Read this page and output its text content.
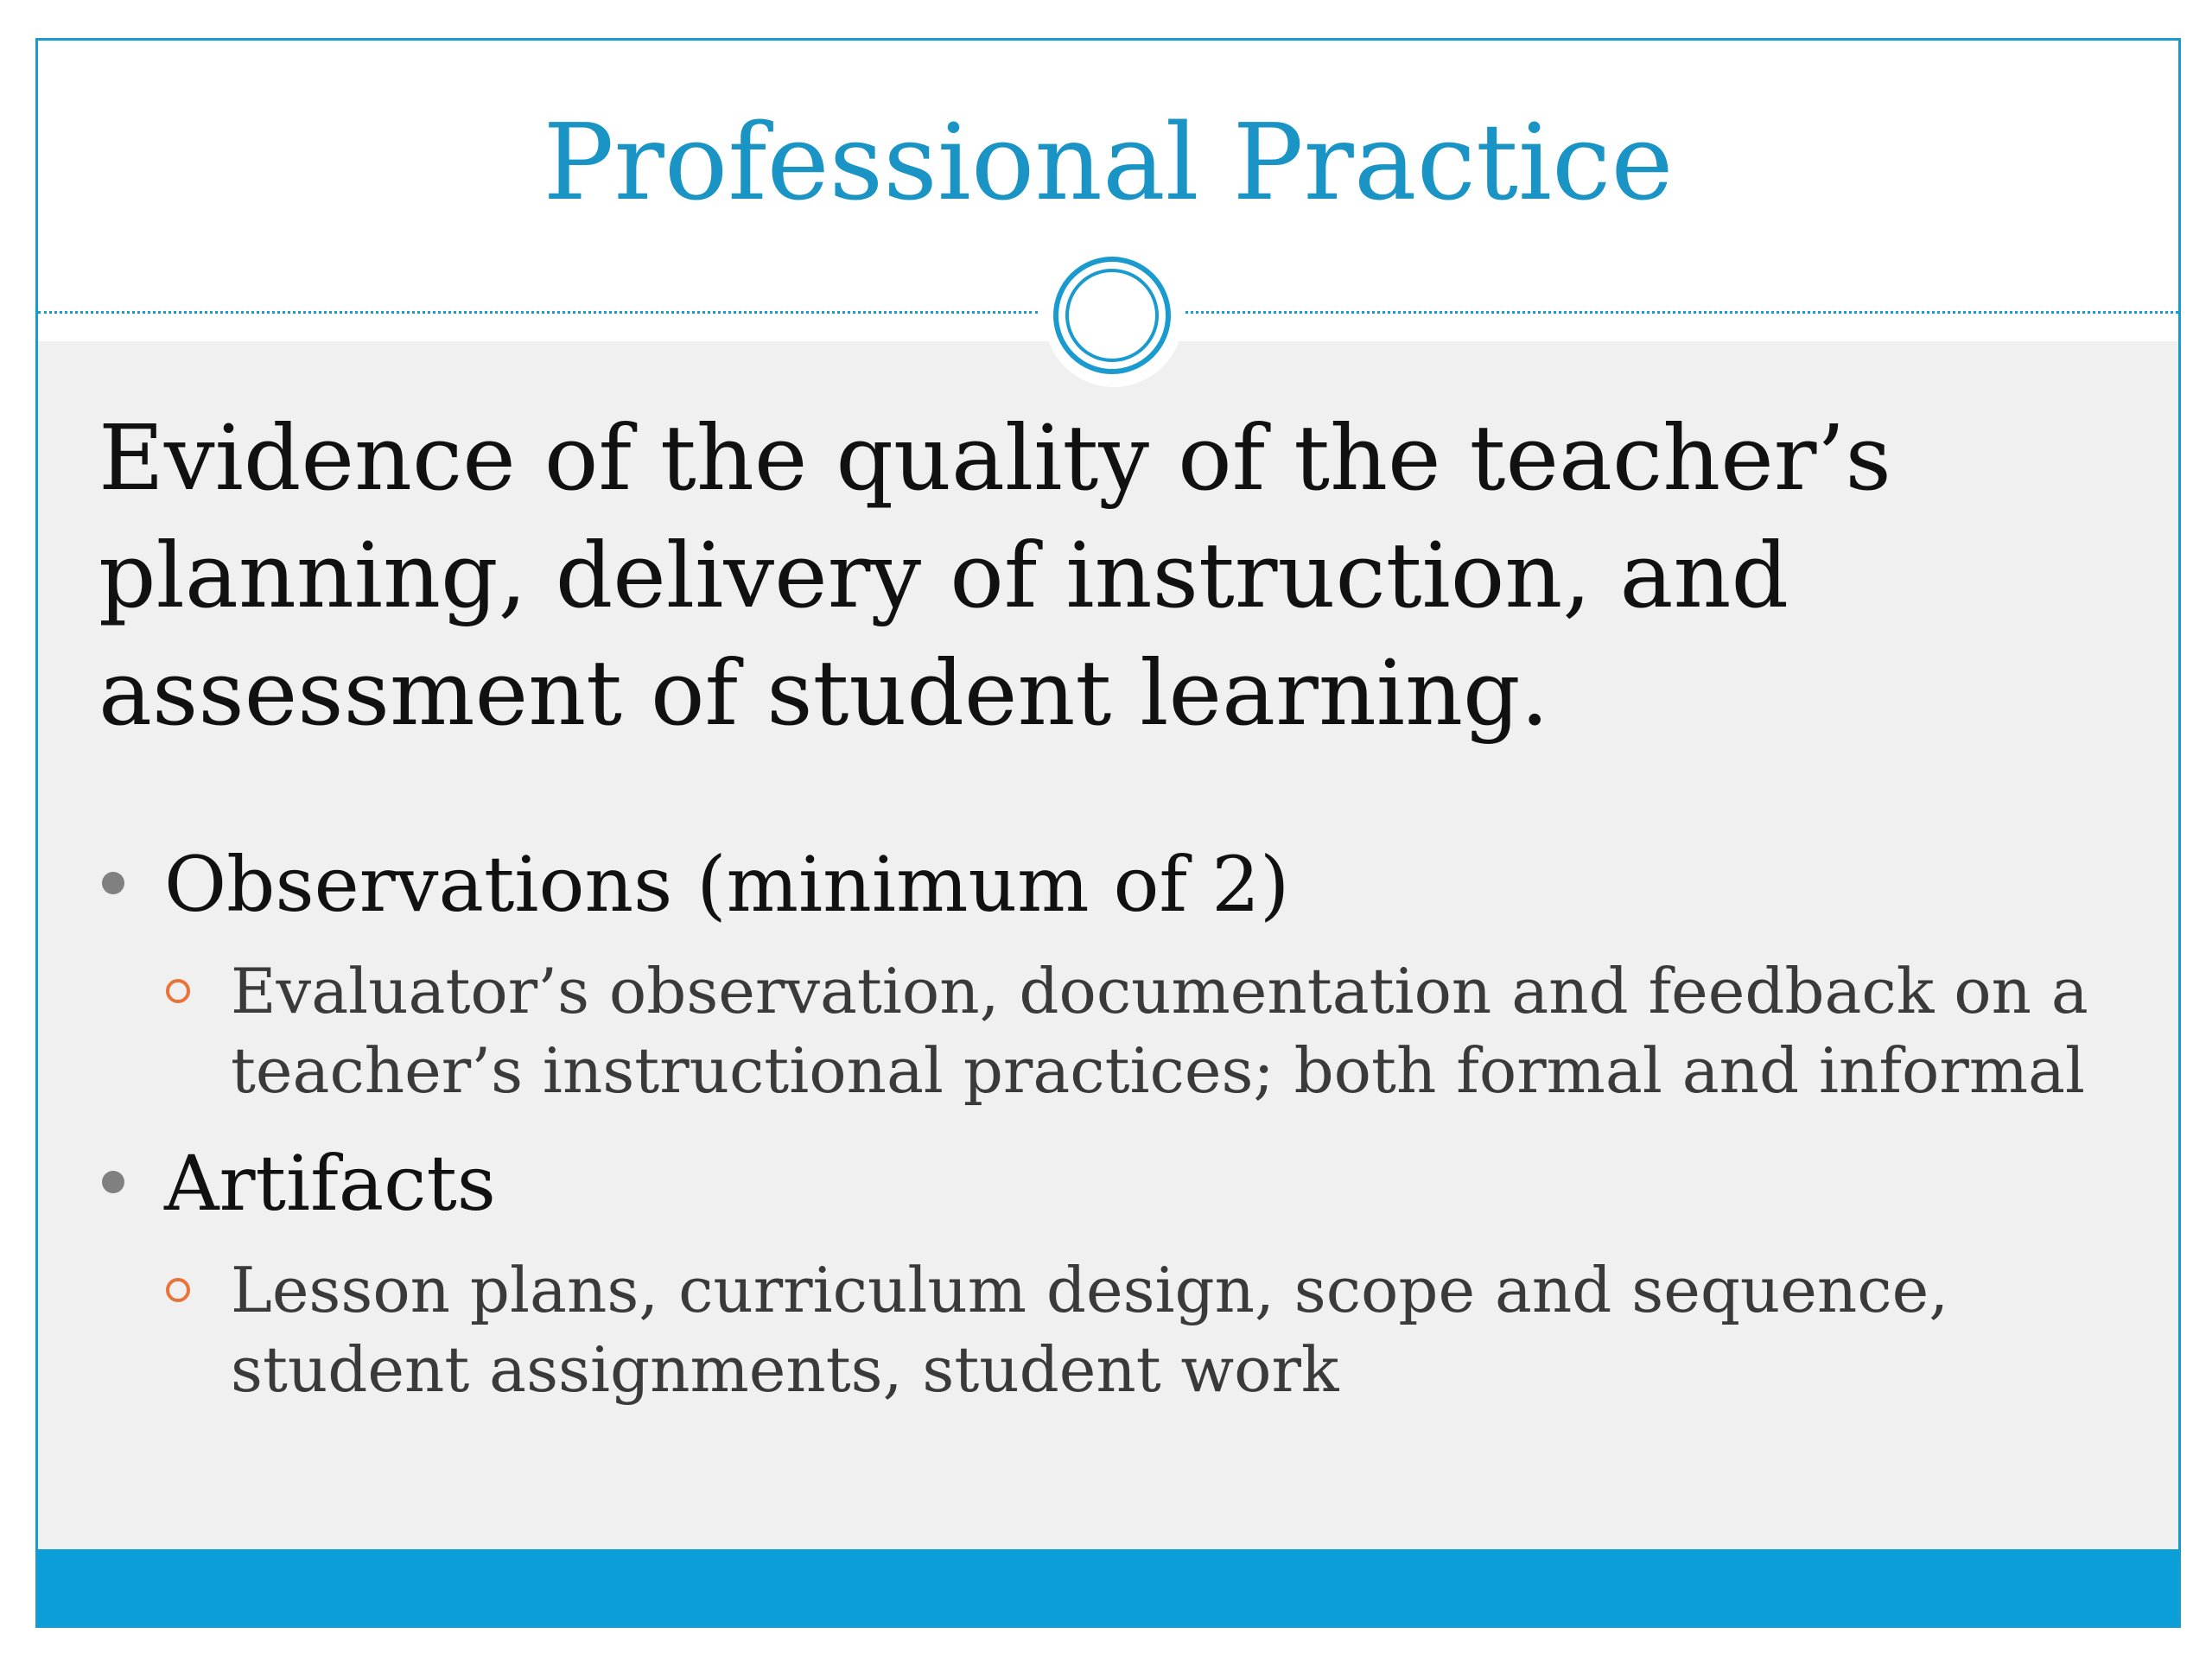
Professional Practice
Evidence of the quality of the teacher’s planning, delivery of instruction, and assessment of student learning.
Observations (minimum of 2)
Evaluator’s observation, documentation and feedback on a teacher’s instructional practices; both formal and informal
Artifacts
Lesson plans, curriculum design, scope and sequence, student assignments, student work
